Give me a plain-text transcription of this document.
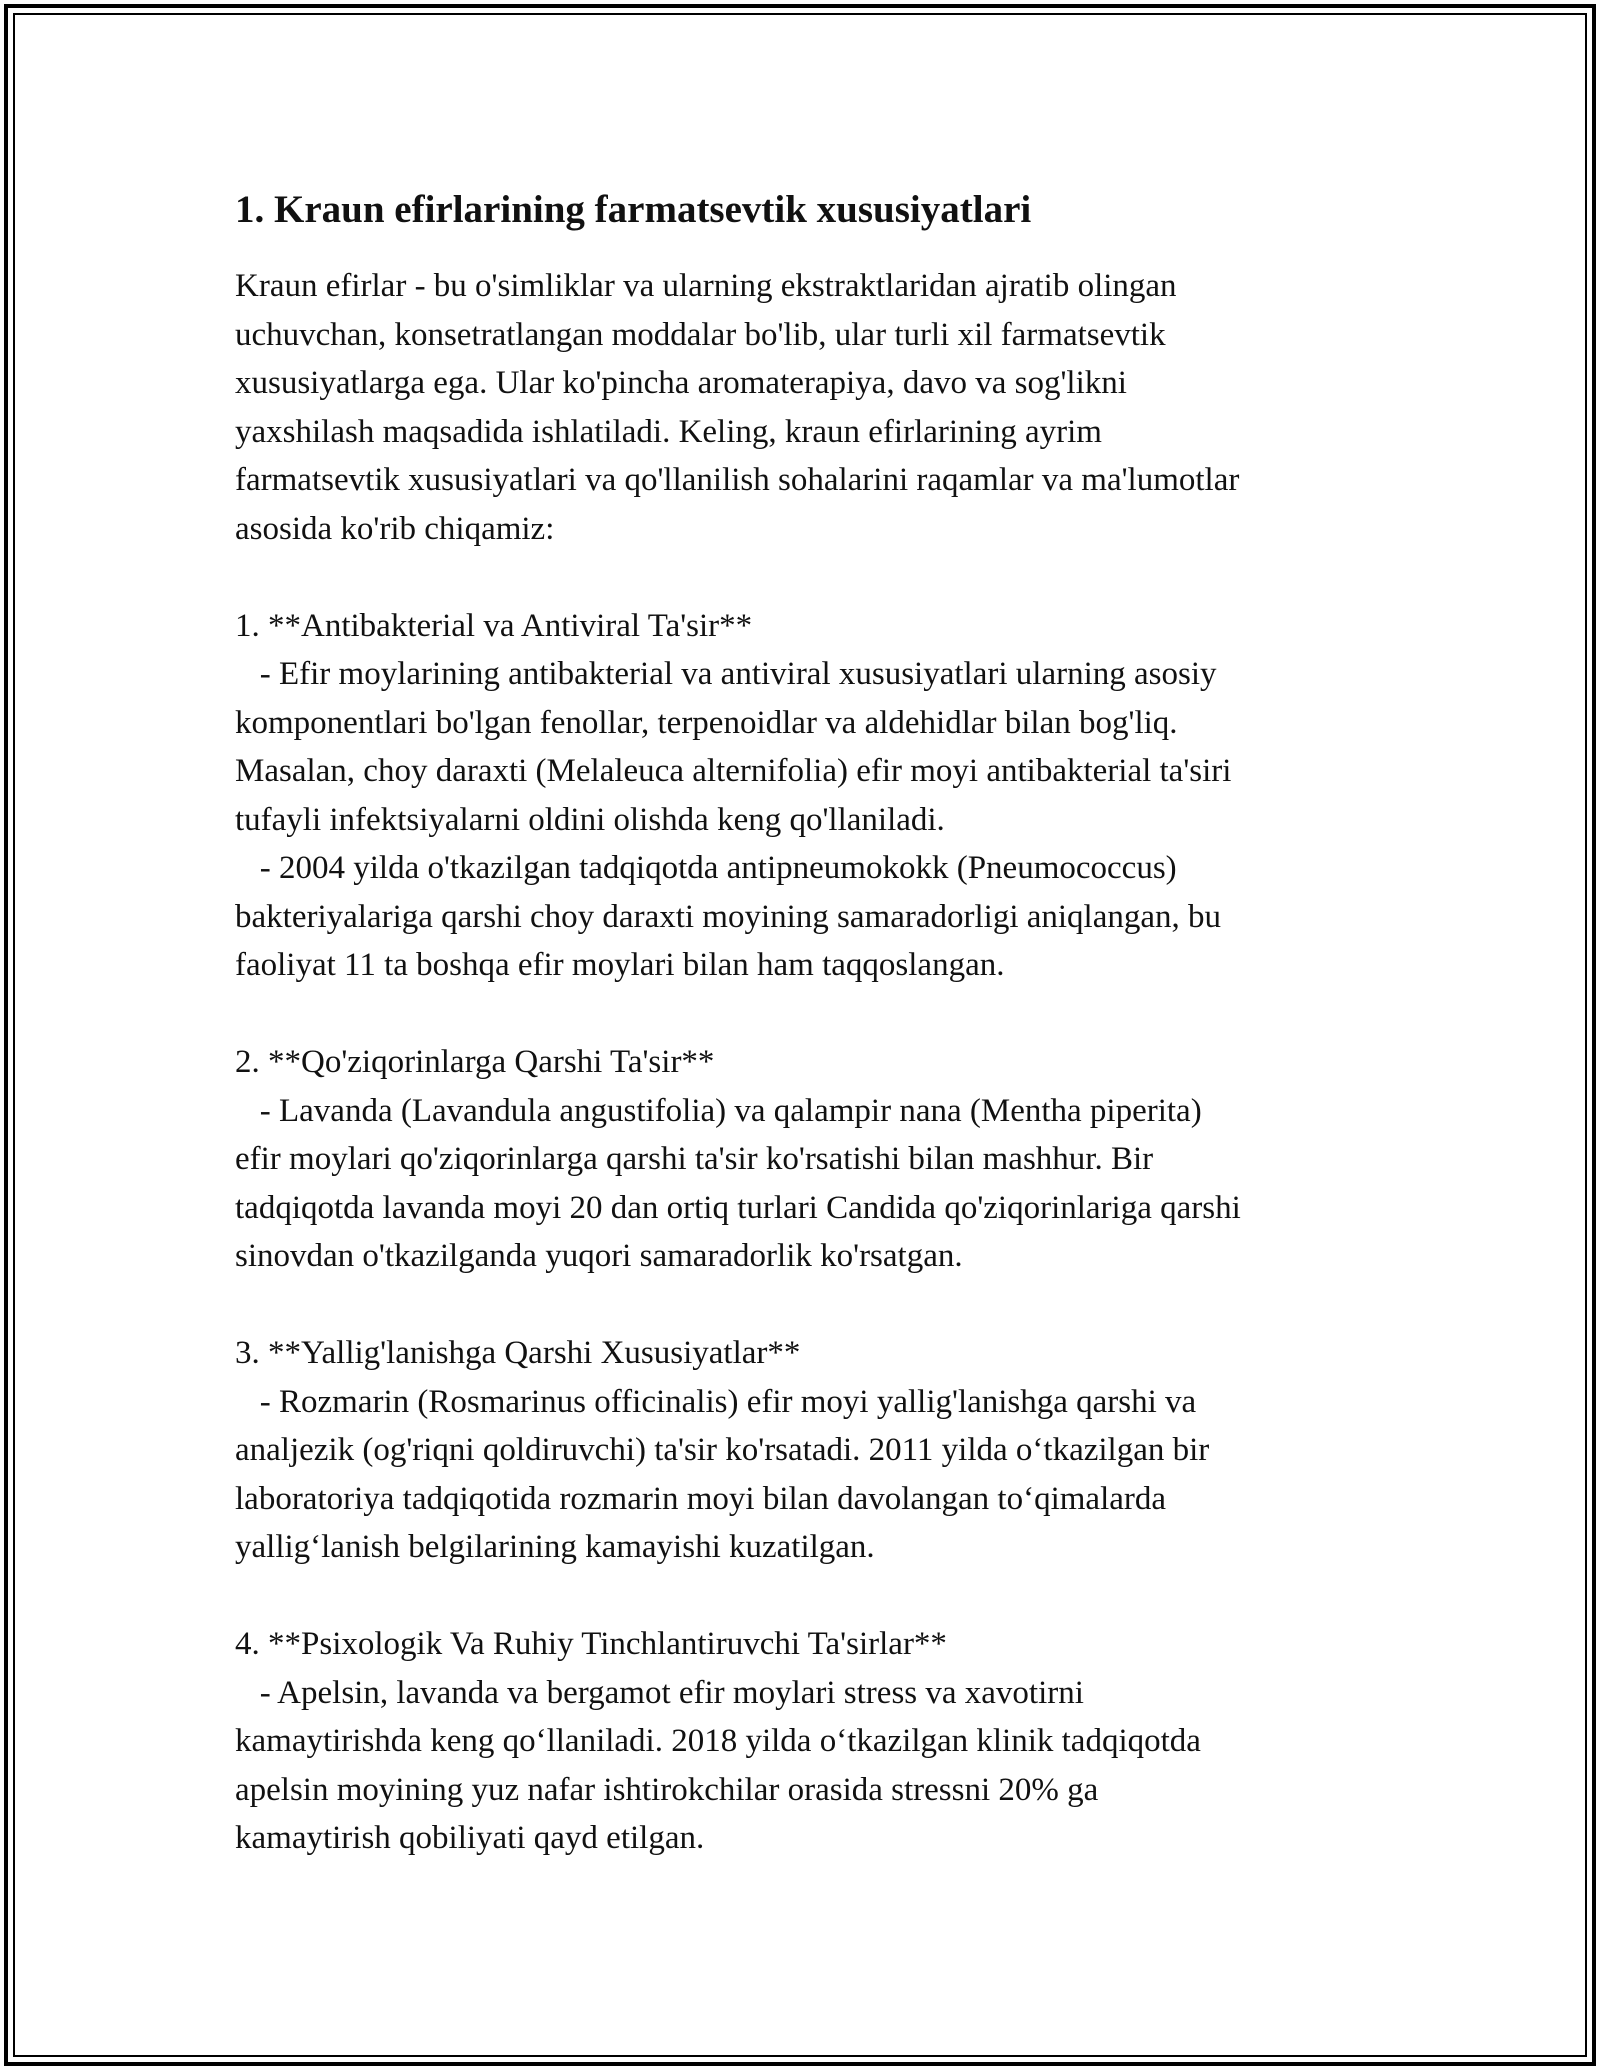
1. Kraun efirlarining farmatsevtik xususiyatlari
Kraun efirlar - bu o'simliklar va ularning ekstraktlaridan ajratib olingan
uchuvchan, konsetratlangan moddalar bo'lib, ular turli xil farmatsevtik
xususiyatlarga ega. Ular ko'pincha aromaterapiya, davo va sog'likni
yaxshilash maqsadida ishlatiladi. Keling, kraun efirlarining ayrim
farmatsevtik xususiyatlari va qo'llanilish sohalarini raqamlar va ma'lumotlar
asosida ko'rib chiqamiz:

1. **Antibakterial va Antiviral Ta'sir**
- Efir moylarining antibakterial va antiviral xususiyatlari ularning asosiy
komponentlari bo'lgan fenollar, terpenoidlar va aldehidlar bilan bog'liq.
Masalan, choy daraxti (Melaleuca alternifolia) efir moyi antibakterial ta'siri
tufayli infektsiyalarni oldini olishda keng qo'llaniladi.
- 2004 yilda o'tkazilgan tadqiqotda antipneumokokk (Pneumococcus)
bakteriyalariga qarshi choy daraxti moyining samaradorligi aniqlangan, bu
faoliyat 11 ta boshqa efir moylari bilan ham taqqoslangan.

2. **Qo'ziqorinlarga Qarshi Ta'sir**
- Lavanda (Lavandula angustifolia) va qalampir nana (Mentha piperita)
efir moylari qo'ziqorinlarga qarshi ta'sir ko'rsatishi bilan mashhur. Bir
tadqiqotda lavanda moyi 20 dan ortiq turlari Candida qo'ziqorinlariga qarshi
sinovdan o'tkazilganda yuqori samaradorlik ko'rsatgan.

3. **Yallig'lanishga Qarshi Xususiyatlar**
- Rozmarin (Rosmarinus officinalis) efir moyi yallig'lanishga qarshi va
analjezik (og'riqni qoldiruvchi) ta'sir ko'rsatadi. 2011 yilda o‘tkazilgan bir
laboratoriya tadqiqotida rozmarin moyi bilan davolangan to‘qimalarda
yallig‘lanish belgilarining kamayishi kuzatilgan.

4. **Psixologik Va Ruhiy Tinchlantiruvchi Ta'sirlar**
- Apelsin, lavanda va bergamot efir moylari stress va xavotirni
kamaytirishda keng qo‘llaniladi. 2018 yilda o‘tkazilgan klinik tadqiqotda
apelsin moyining yuz nafar ishtirokchilar orasida stressni 20% ga
kamaytirish qobiliyati qayd etilgan.
